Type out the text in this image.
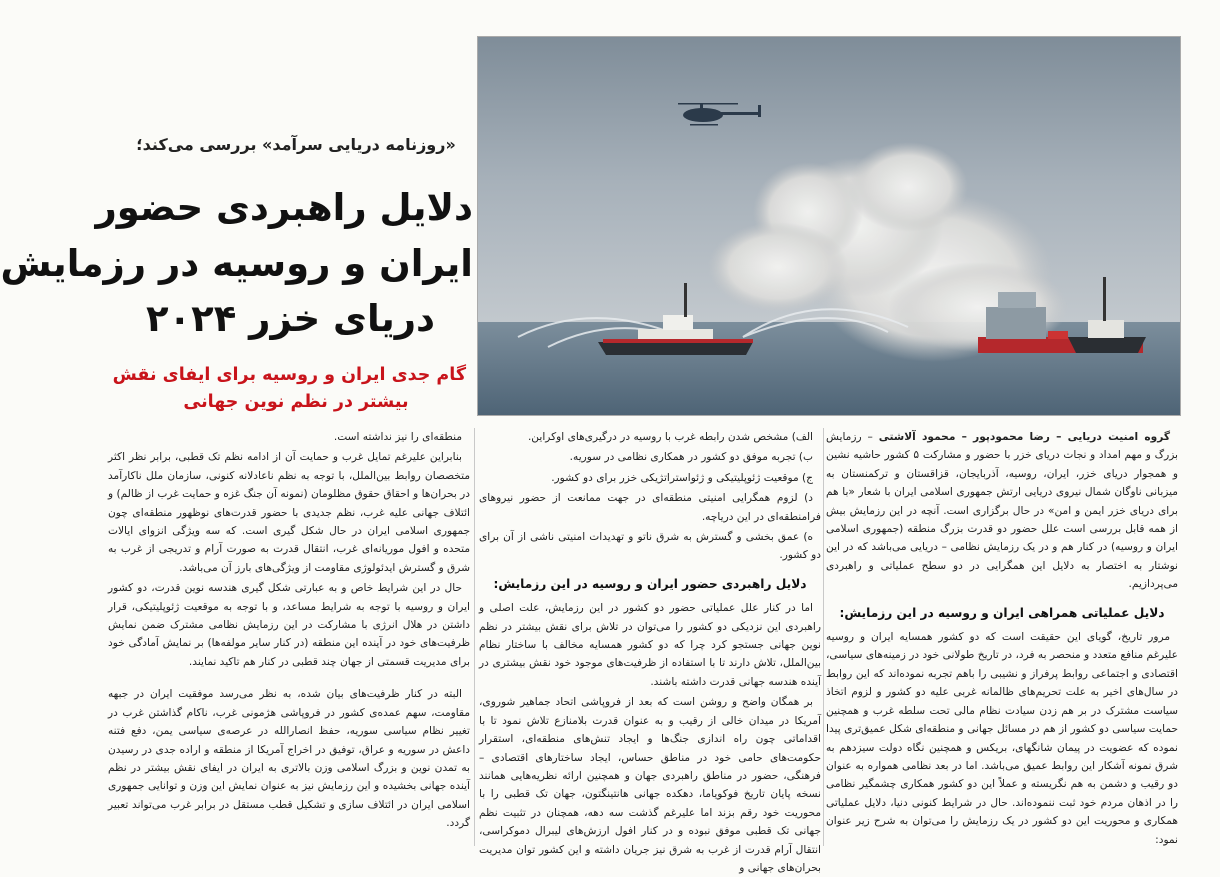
«روزنامه دریایی سرآمد» بررسی می‌کند؛
دلایل راهبردی حضور
ایران و روسیه در رزمایش
دریای خزر ۲۰۲۴
گام جدی ایران و روسیه برای ایفای نقش
بیشتر در نظم نوین جهانی

گروه امنیت دریایی – رضا محمودپور – محمود آلاشتی – رزمایش بزرگ و مهم امداد و نجات دریای خزر با حضور و مشارکت ۵ کشور حاشیه نشین و همجوار دریای خزر، ایران، روسیه، آذربایجان، قزاقستان و ترکمنستان به میزبانی ناوگان شمال نیروی دریایی ارتش جمهوری اسلامی ایران با شعار «با هم برای دریای خزر ایمن و امن» در حال برگزاری است. آنچه در این رزمایش بیش از همه قابل بررسی است علل حضور دو قدرت بزرگ منطقه (جمهوری اسلامی ایران و روسیه) در کنار هم و در یک رزمایش نظامی – دریایی می‌باشد که در این نوشتار به اختصار به دلایل این همگرایی در دو سطح عملیاتی و راهبردی می‌پردازیم.

دلایل عملیاتی همراهی ایران و روسیه در این رزمایش:

مرور تاریخ، گویای این حقیقت است که دو کشور همسایه ایران و روسیه علیرغم منافع متعدد و منحصر به فرد، در تاریخ طولانی خود در زمینه‌های سیاسی، اقتصادی و اجتماعی روابط پرفراز و نشیبی را باهم تجربه نموده‌اند که این روابط در سال‌های اخیر به علت تحریم‌های ظالمانه غربی علیه دو کشور و لزوم اتخاذ سیاست مشترک در بر هم زدن سیادت نظام مالی تحت سلطه غرب و همچنین حمایت سیاسی دو کشور از هم در مسائل جهانی و منطقه‌ای شکل عمیق‌تری پیدا نموده که عضویت در پیمان شانگهای، بریکس و همچنین نگاه دولت سیزدهم به شرق نمونه آشکار این روابط عمیق می‌باشد. اما در بعد نظامی همواره به عنوان دو رقیب و دشمن به هم نگریسته و عملاً این دو کشور همکاری چشمگیر نظامی را در اذهان مردم خود ثبت ننموده‌اند. حال در شرایط کنونی دنیا، دلایل عملیاتی همکاری و محوریت این دو کشور در یک رزمایش را می‌توان به شرح زیر عنوان نمود:

الف) مشخص شدن رابطه غرب با روسیه در درگیری‌های اوکراین.

ب) تجربه موفق دو کشور در همکاری نظامی در سوریه.

ج) موقعیت ژئوپلیتیکی و ژئواستراتژیکی خزر برای دو کشور.

د) لزوم همگرایی امنیتی منطقه‌ای در جهت ممانعت از حضور نیروهای فرامنطقه‌ای در این دریاچه.

ه) عمق بخشی و گسترش به شرق ناتو و تهدیدات امنیتی ناشی از آن برای دو کشور.

دلایل راهبردی حضور ایران و روسیه در این رزمایش:

اما در کنار علل عملیاتی حضور دو کشور در این رزمایش، علت اصلی و راهبردی این نزدیکی دو کشور را می‌توان در تلاش برای نقش بیشتر در نظم نوین جهانی جستجو کرد چرا که دو کشور همسایه مخالف با ساختار نظام بین‌الملل، تلاش دارند تا با استفاده از ظرفیت‌های موجود خود نقش بیشتری در آینده هندسه جهانی قدرت داشته باشند.

بر همگان واضح و روشن است که بعد از فروپاشی اتحاد جماهیر شوروی، آمریکا در میدان خالی از رقیب و به عنوان قدرت بلامنازع تلاش نمود تا با اقداماتی چون راه اندازی جنگ‌ها و ایجاد تنش‌های منطقه‌ای، استقرار حکومت‌های حامی خود در مناطق حساس، ایجاد ساختارهای اقتصادی – فرهنگی، حضور در مناطق راهبردی جهان و همچنین ارائه نظریه‌هایی همانند نسخه پایان تاریخ فوکویاما، دهکده جهانی هانتینگتون، جهان تک قطبی را با محوریت خود رقم بزند اما علیرغم گذشت سه دهه، همچنان در تثبیت نظم جهانی تک قطبی موفق نبوده و در کنار افول ارزش‌های لیبرال دموکراسی، انتقال آرام قدرت از غرب به شرق نیز جریان داشته و این کشور توان مدیریت بحران‌های جهانی و

منطقه‌ای را نیز نداشته است.

بنابراین علیرغم تمایل غرب و حمایت آن از ادامه نظم تک قطبی، برابر نظر اکثر متخصصان روابط بین‌الملل، با توجه به نظم ناعادلانه کنونی، سازمان ملل ناکارآمد در بحران‌ها و احقاق حقوق مظلومان (نمونه آن جنگ غزه و حمایت غرب از ظالم) و ائتلاف جهانی علیه غرب، نظم جدیدی با حضور قدرت‌های نوظهور منطقه‌ای چون جمهوری اسلامی ایران در حال شکل گیری است. که سه ویژگی انزوای ایالات متحده و افول موریانه‌ای غرب، انتقال قدرت به صورت آرام و تدریجی از غرب به شرق و گسترش ایدئولوژی مقاومت از ویژگی‌های بارز آن می‌باشد.

حال در این شرایط خاص و به عبارتی شکل گیری هندسه نوین قدرت، دو کشور ایران و روسیه با توجه به شرایط مساعد، و با توجه به موقعیت ژئوپلیتیکی، قرار داشتن در هلال انرژی با مشارکت در این رزمایش نظامی مشترک ضمن نمایش ظرفیت‌های خود در آینده این منطقه (در کنار سایر مولفه‌ها) بر نمایش آمادگی خود برای مدیریت قسمتی از جهان چند قطبی در کنار هم تاکید نمایند.

البته در کنار ظرفیت‌های بیان شده، به نظر می‌رسد موفقیت ایران در جبهه مقاومت، سهم عمده‌ی کشور در فروپاشی هژمونی غرب، ناکام گذاشتن غرب در تغییر نظام سیاسی سوریه، حفظ انصارالله در عرصه‌ی سیاسی یمن، دفع فتنه داعش در سوریه و عراق، توفیق در اخراج آمریکا از منطقه و اراده جدی در رسیدن به تمدن نوین و بزرگ اسلامی وزن بالاتری به ایران در ایفای نقش بیشتر در نظم آینده جهانی بخشیده و این رزمایش نیز به عنوان نمایش این وزن و توانایی جمهوری اسلامی ایران در ائتلاف سازی و تشکیل قطب مستقل در برابر غرب می‌تواند تعبیر گردد.
